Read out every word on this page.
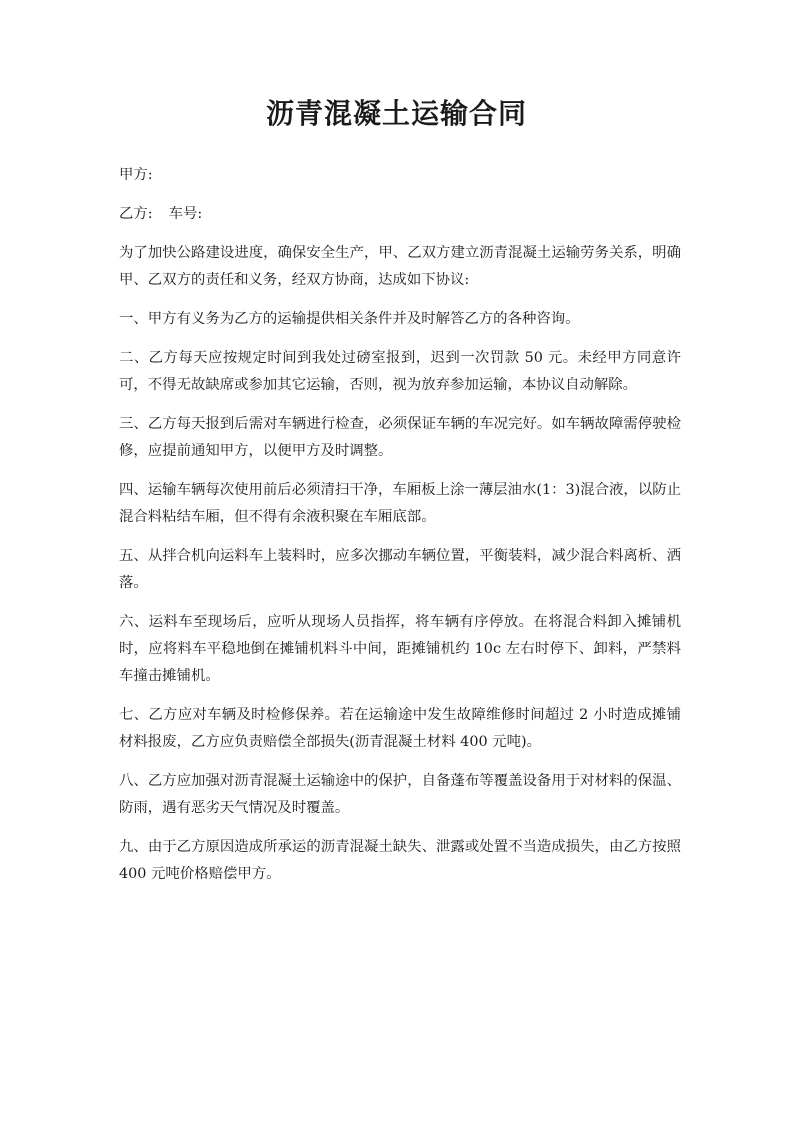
沥青混凝土运输合同

甲方:

乙方: 车号:

为了加快公路建设进度，确保安全生产，甲、乙双方建立沥青混凝土运输劳务关系，明确甲、乙双方的责任和义务，经双方协商，达成如下协议:

一、甲方有义务为乙方的运输提供相关条件并及时解答乙方的各种咨询。

二、乙方每天应按规定时间到我处过磅室报到，迟到一次罚款 50 元。未经甲方同意许可，不得无故缺席或参加其它运输，否则，视为放弃参加运输，本协议自动解除。

三、乙方每天报到后需对车辆进行检查，必须保证车辆的车况完好。如车辆故障需停驶检修，应提前通知甲方，以便甲方及时调整。

四、运输车辆每次使用前后必须清扫干净，车厢板上涂一薄层油水(1：3)混合液，以防止混合料粘结车厢，但不得有余液积聚在车厢底部。

五、从拌合机向运料车上装料时，应多次挪动车辆位置，平衡装料，减少混合料离析、洒落。

六、运料车至现场后，应听从现场人员指挥，将车辆有序停放。在将混合料卸入摊铺机时，应将料车平稳地倒在摊铺机料斗中间，距摊铺机约 10c 左右时停下、卸料，严禁料车撞击摊铺机。

七、乙方应对车辆及时检修保养。若在运输途中发生故障维修时间超过 2 小时造成摊铺材料报废，乙方应负责赔偿全部损失(沥青混凝土材料 400 元吨)。

八、乙方应加强对沥青混凝土运输途中的保护，自备蓬布等覆盖设备用于对材料的保温、防雨，遇有恶劣天气情况及时覆盖。

九、由于乙方原因造成所承运的沥青混凝土缺失、泄露或处置不当造成损失，由乙方按照 400 元吨价格赔偿甲方。
